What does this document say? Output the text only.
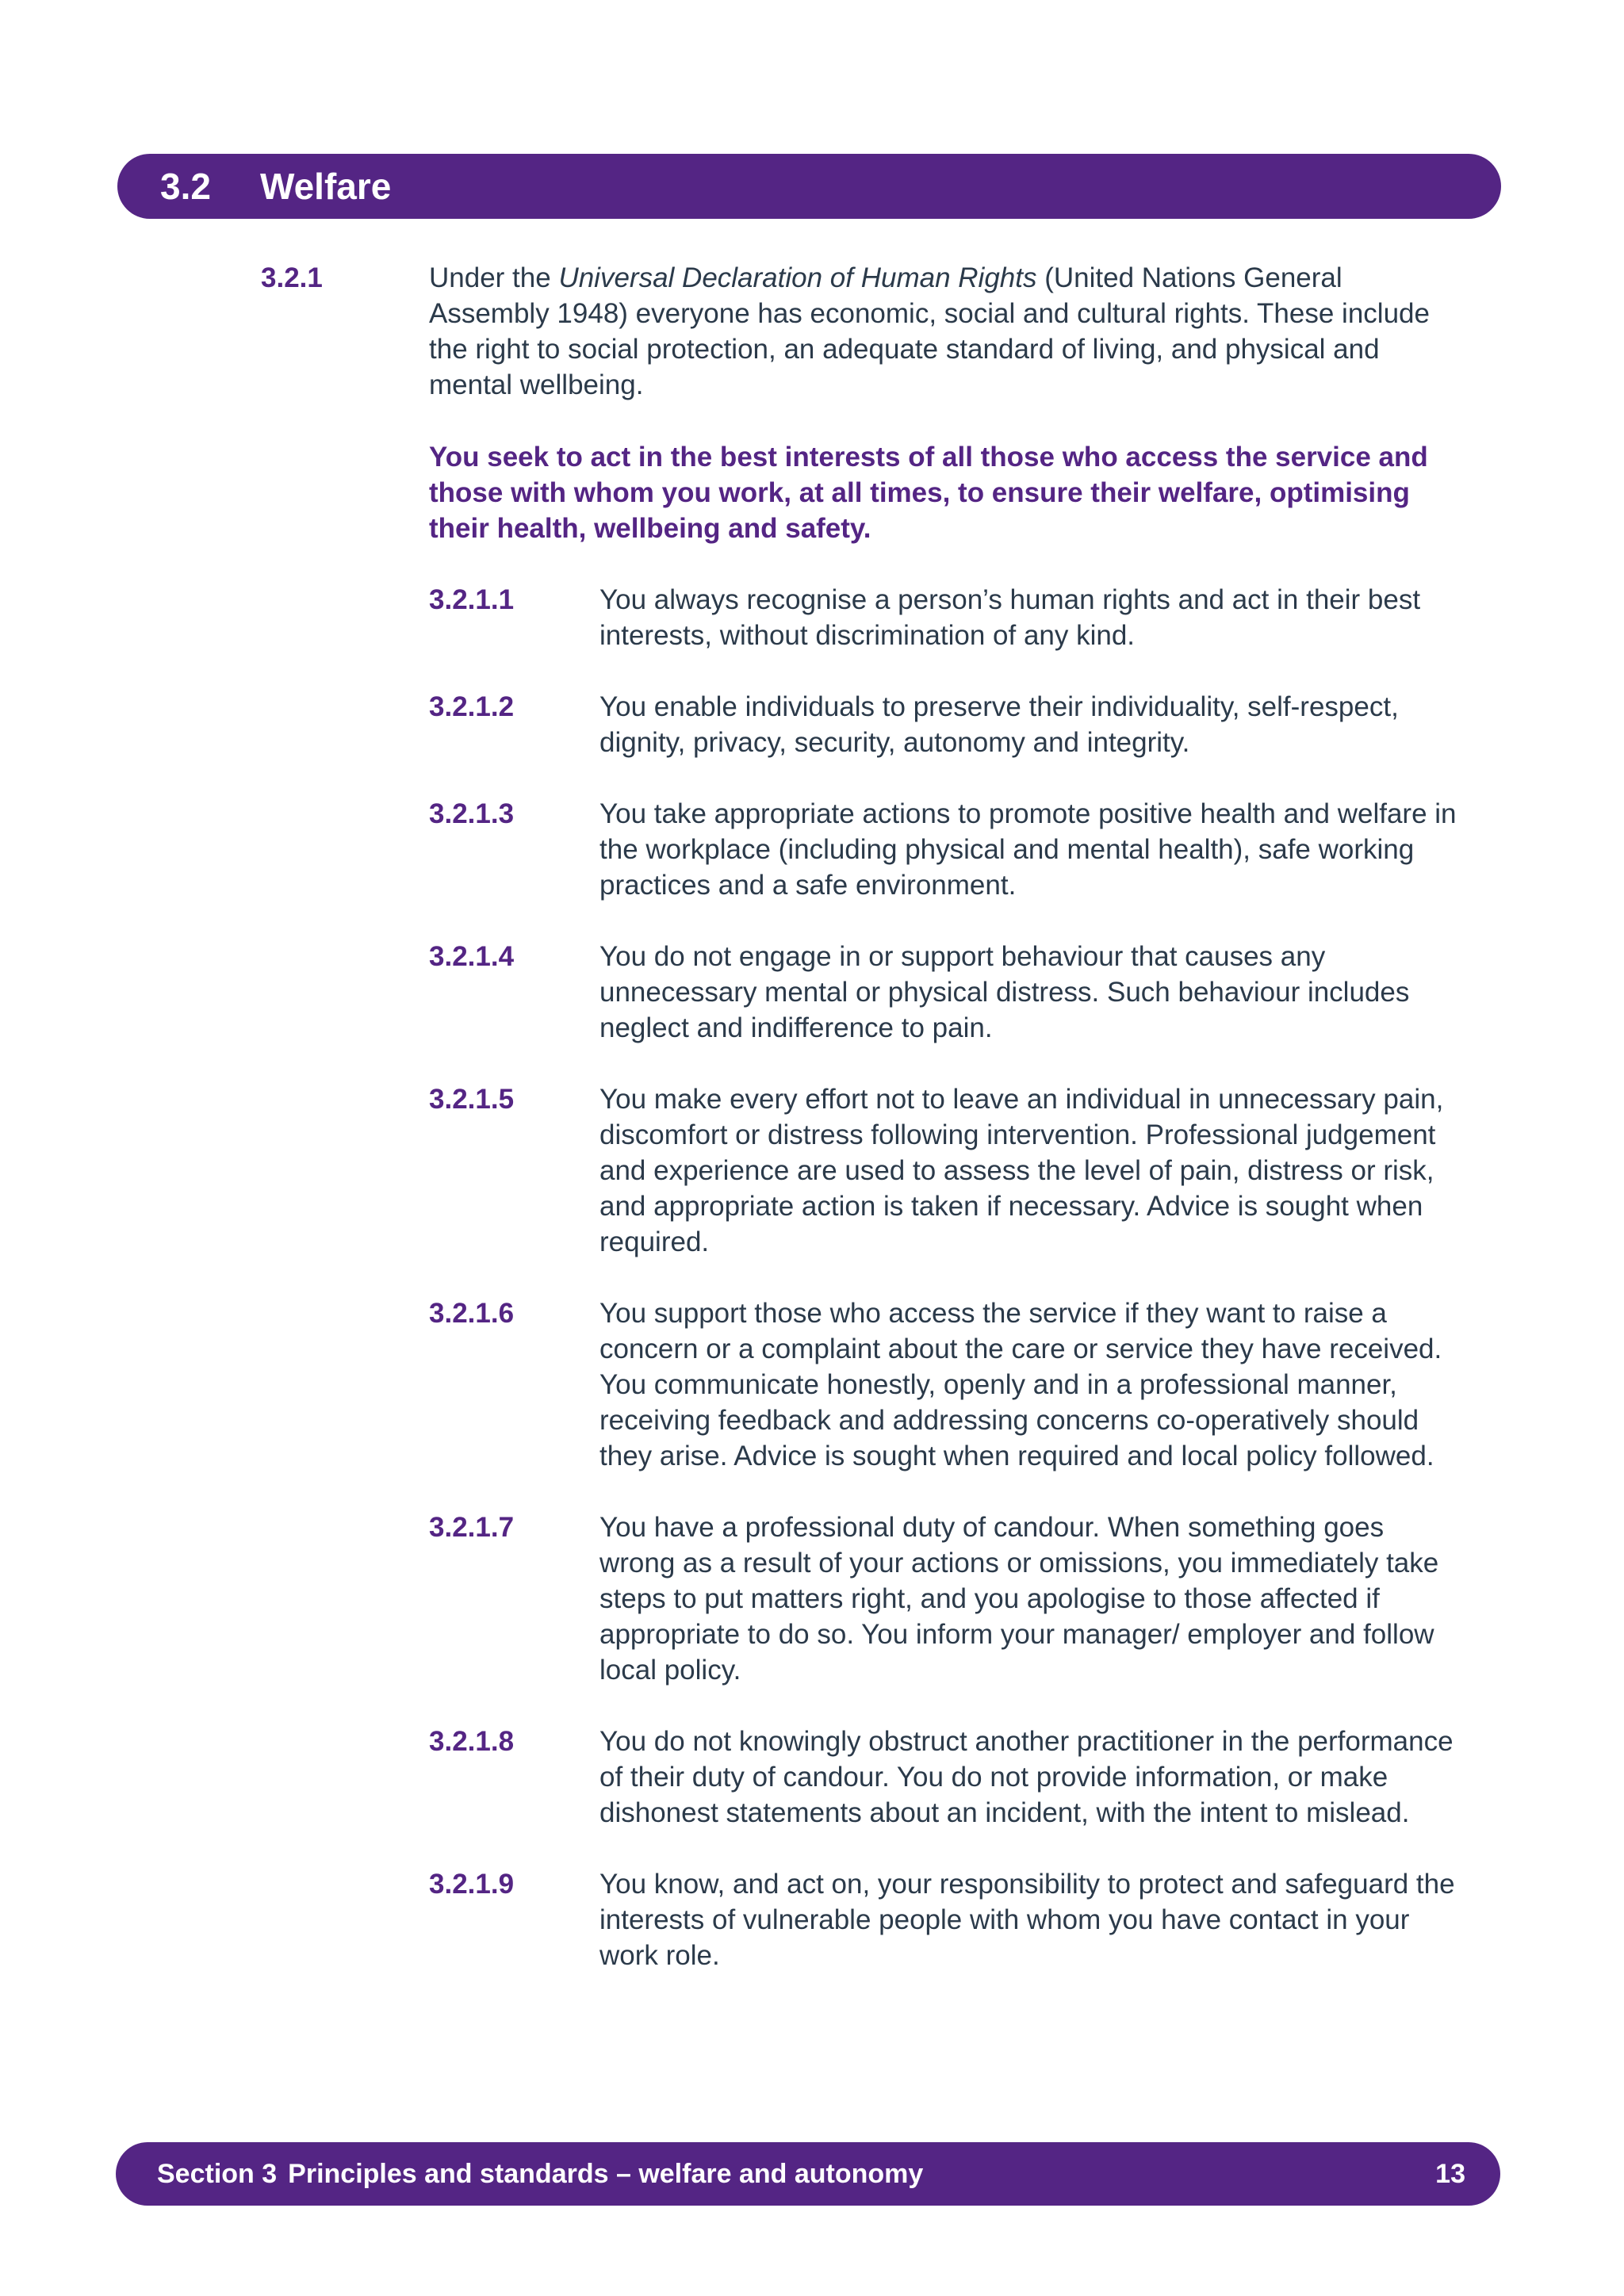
3.2	Welfare
3.2.1	Under the Universal Declaration of Human Rights (United Nations General Assembly 1948) everyone has economic, social and cultural rights. These include the right to social protection, an adequate standard of living, and physical and mental wellbeing.

You seek to act in the best interests of all those who access the service and those with whom you work, at all times, to ensure their welfare, optimising their health, wellbeing and safety.

3.2.1.1	You always recognise a person’s human rights and act in their best interests, without discrimination of any kind.
3.2.1.2	You enable individuals to preserve their individuality, self-respect, dignity, privacy, security, autonomy and integrity.
3.2.1.3	You take appropriate actions to promote positive health and welfare in the workplace (including physical and mental health), safe working practices and a safe environment.
3.2.1.4	You do not engage in or support behaviour that causes any unnecessary mental or physical distress. Such behaviour includes neglect and indifference to pain.
3.2.1.5	You make every effort not to leave an individual in unnecessary pain, discomfort or distress following intervention. Professional judgement and experience are used to assess the level of pain, distress or risk, and appropriate action is taken if necessary. Advice is sought when required.
3.2.1.6	You support those who access the service if they want to raise a concern or a complaint about the care or service they have received. You communicate honestly, openly and in a professional manner, receiving feedback and addressing concerns co-operatively should they arise. Advice is sought when required and local policy followed.
3.2.1.7	You have a professional duty of candour. When something goes wrong as a result of your actions or omissions, you immediately take steps to put matters right, and you apologise to those affected if appropriate to do so. You inform your manager/ employer and follow local policy.
3.2.1.8	You do not knowingly obstruct another practitioner in the performance of their duty of candour. You do not provide information, or make dishonest statements about an incident, with the intent to mislead.
3.2.1.9	You know, and act on, your responsibility to protect and safeguard the interests of vulnerable people with whom you have contact in your work role.
Section 3 Principles and standards – welfare and autonomy	13
